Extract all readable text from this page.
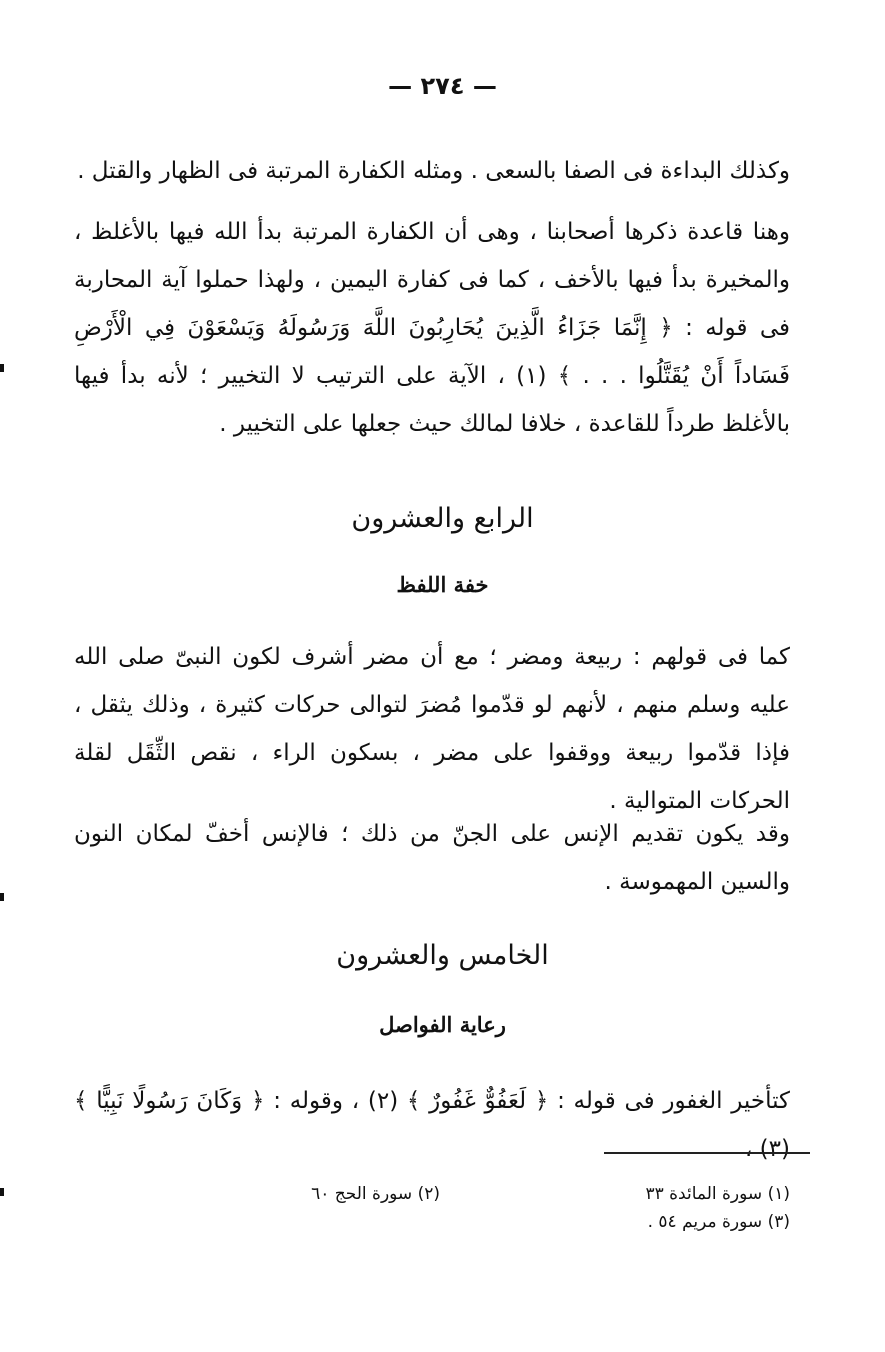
— ٢٧٤ —
وكذلك البداءة فى الصفا بالسعى . ومثله الكفارة المرتبة فى الظهار والقتل .
وهنا قاعدة ذكرها أصحابنا ، وهى أن الكفارة المرتبة بدأ الله فيها بالأغلظ ، والمخيرة بدأ فيها بالأخف ، كما فى كفارة اليمين ، ولهذا حملوا آية المحاربة فى قوله : ﴿ إِنَّمَا جَزَاءُ الَّذِينَ يُحَارِبُونَ اللَّهَ وَرَسُولَهُ وَيَسْعَوْنَ فِي الْأَرْضِ فَسَاداً أَنْ يُقَتَّلُوا . . . ﴾ (١) ، الآية على الترتيب لا التخيير ؛ لأنه بدأ فيها بالأغلظ طرداً للقاعدة ، خلافا لمالك حيث جعلها على التخيير .
الرابع والعشرون
خفة اللفظ
كما فى قولهم : ربيعة ومضر ؛ مع أن مضر أشرف لكون النبىّ صلى الله عليه وسلم منهم ، لأنهم لو قدّموا مُضرَ لتوالى حركات كثيرة ، وذلك يثقل ، فإذا قدّموا ربيعة ووقفوا على مضر ، بسكون الراء ، نقص الثِّقَل لقلة الحركات المتوالية .
وقد يكون تقديم الإنس على الجنّ من ذلك ؛ فالإنس أخفّ لمكان النون والسين المهموسة .
الخامس والعشرون
رعاية الفواصل
كتأخير الغفور فى قوله : ﴿ لَعَفُوٌّ غَفُورٌ ﴾ (٢) ، وقوله : ﴿ وَكَانَ رَسُولًا نَبِيًّا ﴾ (٣) ،
(١) سورة المائدة ٣٣
(٢) سورة الحج ٦٠
(٣) سورة مريم ٥٤ .
